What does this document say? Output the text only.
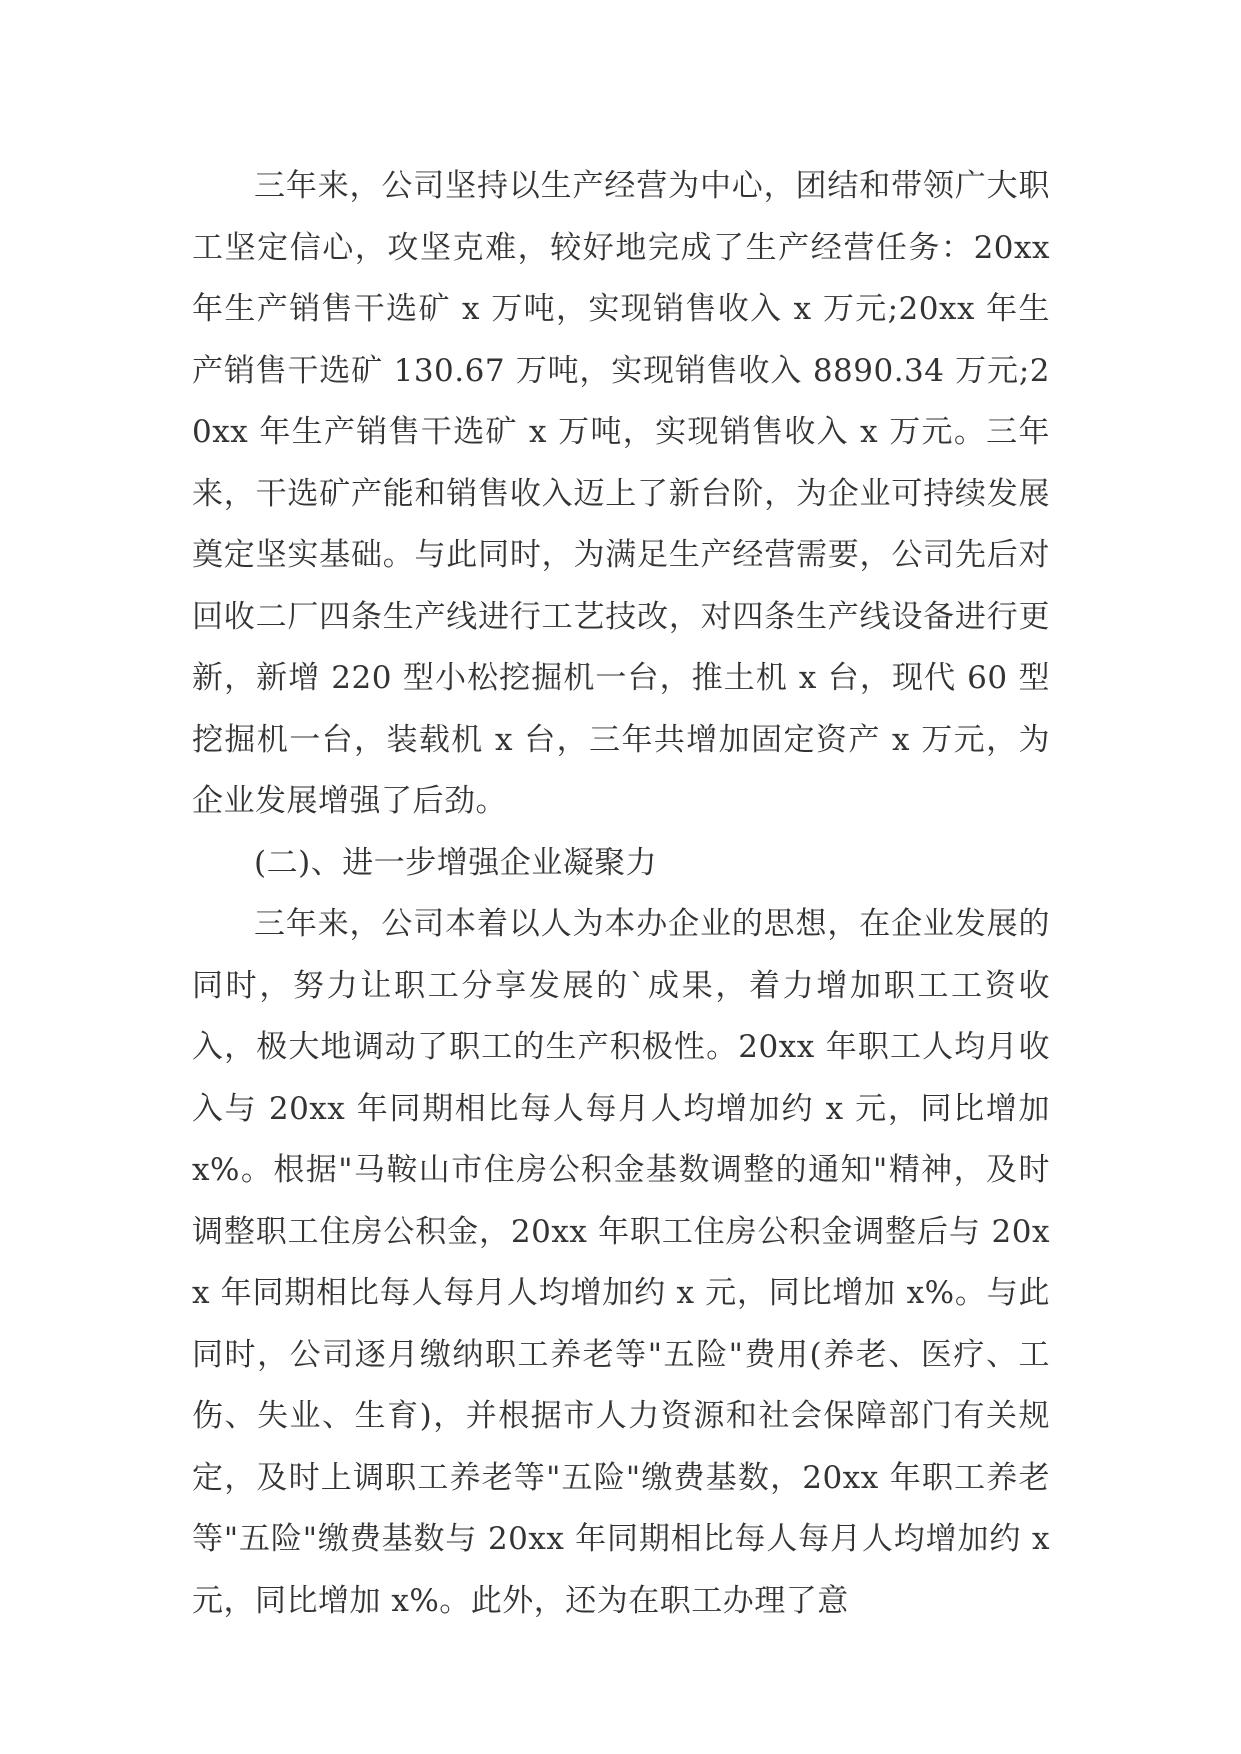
三年来，公司坚持以生产经营为中心，团结和带领广大职工坚定信心，攻坚克难，较好地完成了生产经营任务：20xx 年生产销售干选矿 x 万吨，实现销售收入 x 万元;20xx 年生产销售干选矿 130.67 万吨，实现销售收入 8890.34 万元;20xx 年生产销售干选矿 x 万吨，实现销售收入 x 万元。三年来，干选矿产能和销售收入迈上了新台阶，为企业可持续发展奠定坚实基础。与此同时，为满足生产经营需要，公司先后对回收二厂四条生产线进行工艺技改，对四条生产线设备进行更新，新增 220 型小松挖掘机一台，推土机 x 台，现代 60 型挖掘机一台，装载机 x 台，三年共增加固定资产 x 万元，为企业发展增强了后劲。

(二)、进一步增强企业凝聚力

三年来，公司本着以人为本办企业的思想，在企业发展的同时，努力让职工分享发展的`成果，着力增加职工工资收入，极大地调动了职工的生产积极性。20xx 年职工人均月收入与 20xx 年同期相比每人每月人均增加约 x 元，同比增加 x%。根据"马鞍山市住房公积金基数调整的通知"精神，及时调整职工住房公积金，20xx 年职工住房公积金调整后与 20xx 年同期相比每人每月人均增加约 x 元，同比增加 x%。与此同时，公司逐月缴纳职工养老等"五险"费用(养老、医疗、工伤、失业、生育)，并根据市人力资源和社会保障部门有关规定，及时上调职工养老等"五险"缴费基数，20xx 年职工养老等"五险"缴费基数与 20xx 年同期相比每人每月人均增加约 x 元，同比增加 x%。此外，还为在职工办理了意
